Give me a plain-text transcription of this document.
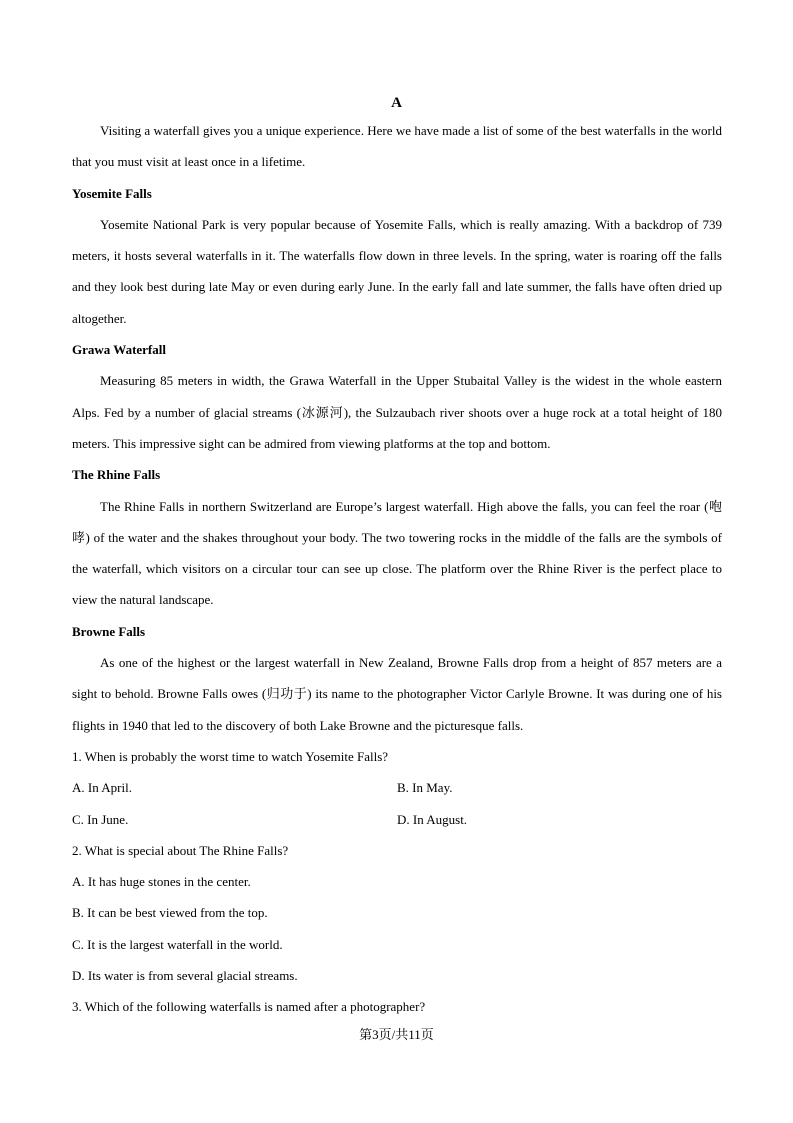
A

Visiting a waterfall gives you a unique experience. Here we have made a list of some of the best waterfalls in the world that you must visit at least once in a lifetime.

Yosemite Falls

Yosemite National Park is very popular because of Yosemite Falls, which is really amazing. With a backdrop of 739 meters, it hosts several waterfalls in it. The waterfalls flow down in three levels. In the spring, water is roaring off the falls and they look best during late May or even during early June. In the early fall and late summer, the falls have often dried up altogether.

Grawa Waterfall

Measuring 85 meters in width, the Grawa Waterfall in the Upper Stubaital Valley is the widest in the whole eastern Alps. Fed by a number of glacial streams (冰源河), the Sulzaubach river shoots over a huge rock at a total height of 180 meters. This impressive sight can be admired from viewing platforms at the top and bottom.

The Rhine Falls

The Rhine Falls in northern Switzerland are Europe’s largest waterfall. High above the falls, you can feel the roar (咆哮) of the water and the shakes throughout your body. The two towering rocks in the middle of the falls are the symbols of the waterfall, which visitors on a circular tour can see up close. The platform over the Rhine River is the perfect place to view the natural landscape.

Browne Falls

As one of the highest or the largest waterfall in New Zealand, Browne Falls drop from a height of 857 meters are a sight to behold. Browne Falls owes (归功于) its name to the photographer Victor Carlyle Browne. It was during one of his flights in 1940 that led to the discovery of both Lake Browne and the picturesque falls.

1. When is probably the worst time to watch Yosemite Falls?

A. In April.	B. In May.
C. In June.	D. In August.

2. What is special about The Rhine Falls?

A. It has huge stones in the center.

B. It can be best viewed from the top.

C. It is the largest waterfall in the world.

D. Its water is from several glacial streams.

3. Which of the following waterfalls is named after a photographer?

第3页/共11页
